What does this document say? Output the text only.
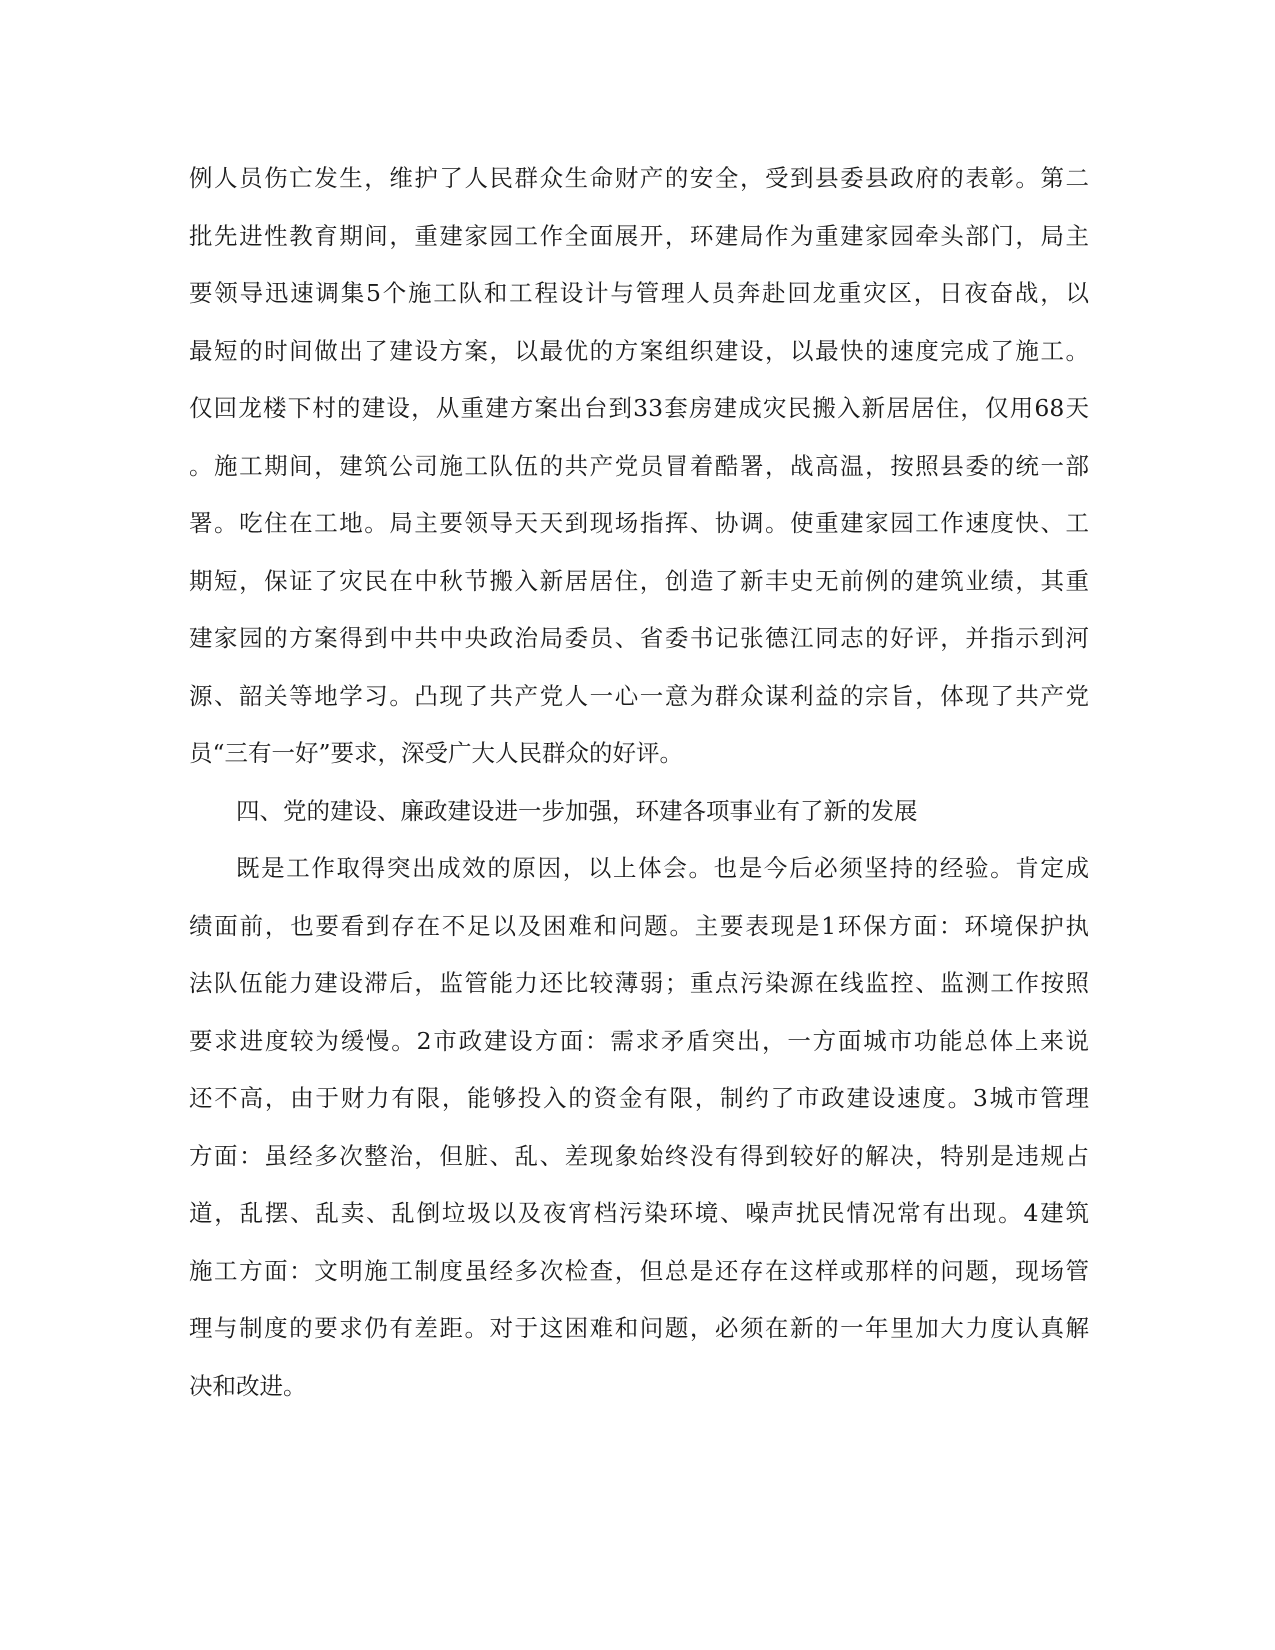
例人员伤亡发生，维护了人民群众生命财产的安全，受到县委县政府的表彰。第二
批先进性教育期间，重建家园工作全面展开，环建局作为重建家园牵头部门，局主
要领导迅速调集5个施工队和工程设计与管理人员奔赴回龙重灾区，日夜奋战，以
最短的时间做出了建设方案，以最优的方案组织建设，以最快的速度完成了施工。
仅回龙楼下村的建设，从重建方案出台到33套房建成灾民搬入新居居住，仅用68天
。施工期间，建筑公司施工队伍的共产党员冒着酷署，战高温，按照县委的统一部
署。吃住在工地。局主要领导天天到现场指挥、协调。使重建家园工作速度快、工
期短，保证了灾民在中秋节搬入新居居住，创造了新丰史无前例的建筑业绩，其重
建家园的方案得到中共中央政治局委员、省委书记张德江同志的好评，并指示到河
源、韶关等地学习。凸现了共产党人一心一意为群众谋利益的宗旨，体现了共产党
员“三有一好”要求，深受广大人民群众的好评。
四、党的建设、廉政建设进一步加强，环建各项事业有了新的发展
既是工作取得突出成效的原因，以上体会。也是今后必须坚持的经验。肯定成
绩面前，也要看到存在不足以及困难和问题。主要表现是1环保方面：环境保护执
法队伍能力建设滞后，监管能力还比较薄弱；重点污染源在线监控、监测工作按照
要求进度较为缓慢。2市政建设方面：需求矛盾突出，一方面城市功能总体上来说
还不高，由于财力有限，能够投入的资金有限，制约了市政建设速度。3城市管理
方面：虽经多次整治，但脏、乱、差现象始终没有得到较好的解决，特别是违规占
道，乱摆、乱卖、乱倒垃圾以及夜宵档污染环境、噪声扰民情况常有出现。4建筑
施工方面：文明施工制度虽经多次检查，但总是还存在这样或那样的问题，现场管
理与制度的要求仍有差距。对于这困难和问题，必须在新的一年里加大力度认真解
决和改进。
